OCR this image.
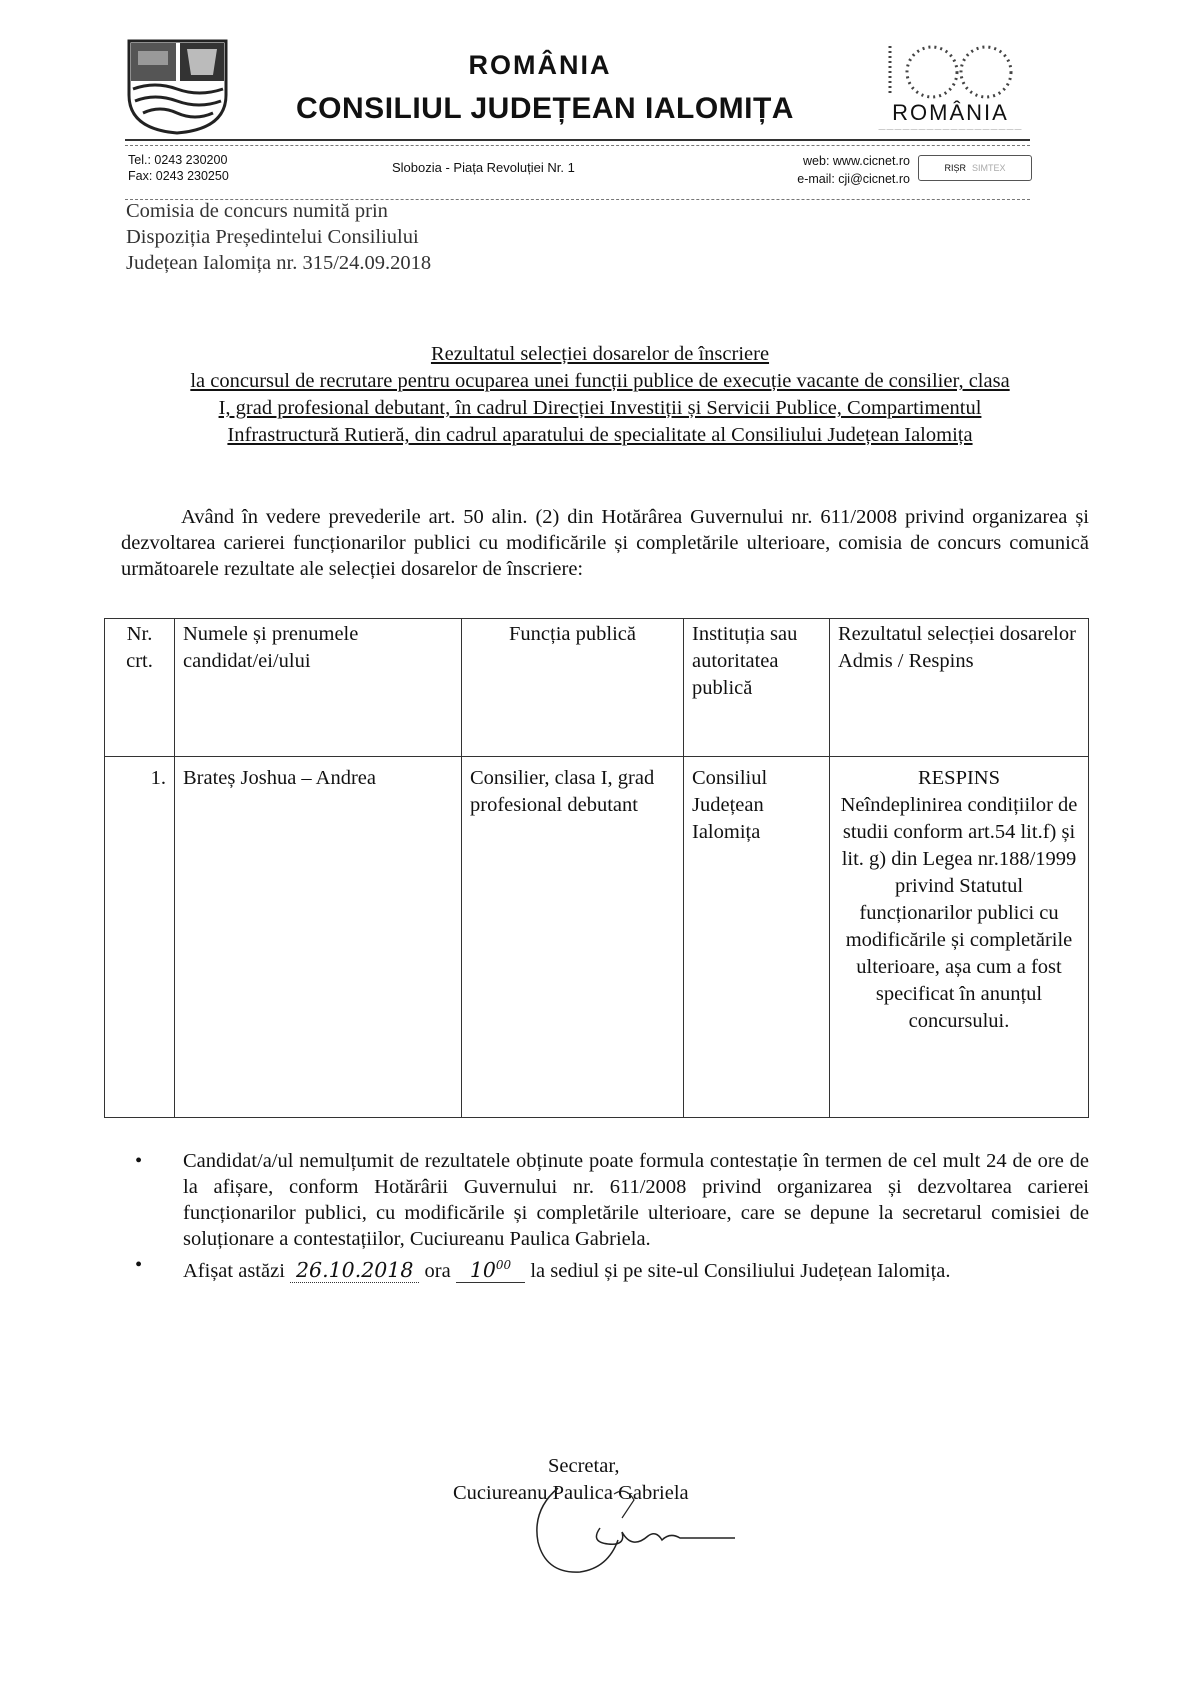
ROMÂNIA
CONSILIUL JUDEȚEAN IALOMIȚA	ROMÂNIA
——————————————————
Tel.: 0243 230200
Fax: 0243 230250
Slobozia - Piața Revoluției Nr. 1	web: www.cicnet.ro
e-mail: cji@cicnet.ro
RIȘR SIMTEX
Comisia de concurs numită prin
Dispoziția Președintelui Consiliului
Județean Ialomița nr. 315/24.09.2018
Rezultatul selecției dosarelor de înscriere
la concursul de recrutare pentru ocuparea unei funcții publice de execuție vacante de consilier, clasa
I, grad profesional debutant, în cadrul Direcției Investiții și Servicii Publice, Compartimentul
Infrastructură Rutieră, din cadrul aparatului de specialitate al Consiliului Județean Ialomița

Având în vedere prevederile art. 50 alin. (2) din Hotărârea Guvernului nr. 611/2008 privind organizarea și dezvoltarea carierei funcționarilor publici cu modificările și completările ulterioare, comisia de concurs comunică următoarele rezultate ale selecției dosarelor de înscriere:

Nr. crt.	Numele și prenumele candidat/ei/ului	Funcția publică	Instituția sau autoritatea publică	Rezultatul selecției dosarelor Admis / Respins
1.	Brateș Joshua – Andrea	Consilier, clasa I, grad profesional debutant	Consiliul Județean Ialomița	RESPINS
Neîndeplinirea condițiilor de studii conform art.54 lit.f) și lit. g) din Legea nr.188/1999 privind Statutul funcționarilor publici cu modificările și completările ulterioare, așa cum a fost specificat în anunțul concursului.
• Candidat/a/ul nemulțumit de rezultatele obținute poate formula contestație în termen de cel mult 24 de ore de la afișare, conform Hotărârii Guvernului nr. 611/2008 privind organizarea și dezvoltarea carierei funcționarilor publici, cu modificările și completările ulterioare, care se depune la secretarul comisiei de soluționare a contestațiilor, Cuciureanu Paulica Gabriela.
• Afișat astăzi 26.10.2018 ora $10^{00}$ la sediul și pe site-ul Consiliului Județean Ialomița.
Secretar,
Cuciureanu Paulica Gabriela
